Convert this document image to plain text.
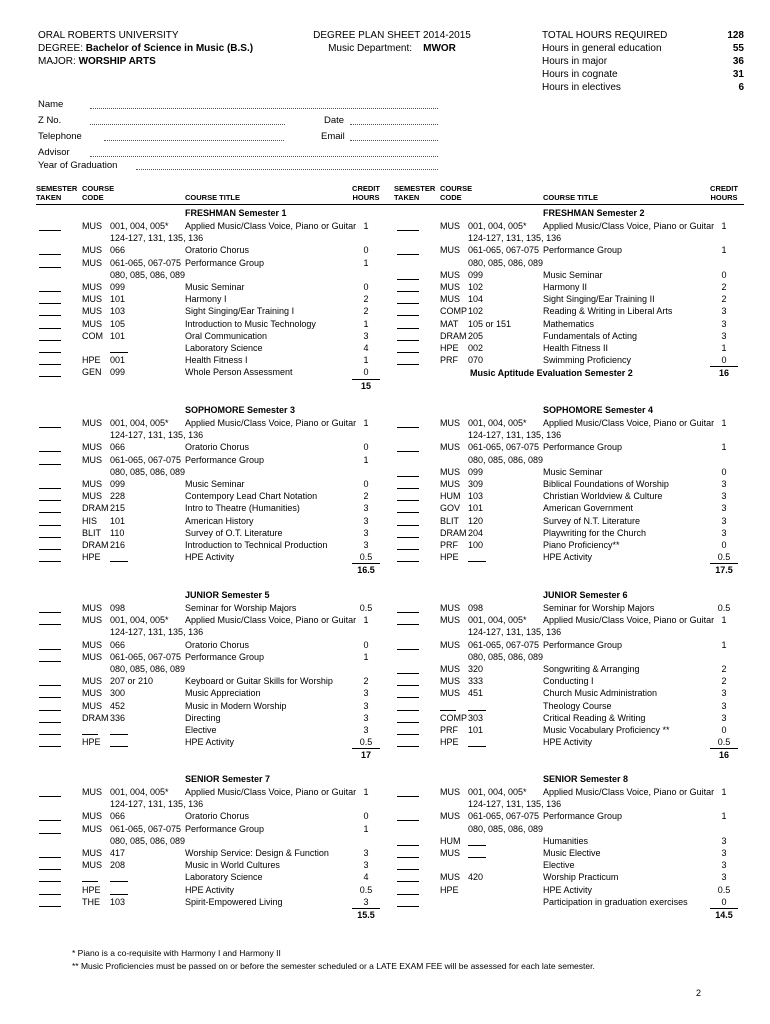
ORAL ROBERTS UNIVERSITY
DEGREE: Bachelor of Science in Music (B.S.)
MAJOR: WORSHIP ARTS
DEGREE PLAN SHEET 2014-2015
Music Department: MWOR
TOTAL HOURS REQUIRED	128
Hours in general education	55
Hours in major	36
Hours in cognate	31
Hours in electives	6
Name
Z No.	Date
Telephone	Email
Advisor
Year of Graduation
SEMESTER
TAKEN
COURSE
CODE	COURSE TITLE
CREDIT
HOURS
SEMESTER
TAKEN
COURSE
CODE	COURSE TITLE
CREDIT
HOURS
FRESHMAN Semester 1
MUS 001, 004, 005* Applied Music/Class Voice, Piano or Guitar 1
124-127, 131, 135, 136
MUS 066	Oratorio Chorus	0
MUS 061-065, 067-075 Performance Group	1
080, 085, 086, 089
MUS 099	Music Seminar	0
MUS 101	Harmony I	2
MUS 103	Sight Singing/Ear Training I	2
MUS 105	Introduction to Music Technology	1
COM 101	Oral Communication	3
Laboratory Science	4
HPE 001	Health Fitness I	1
GEN 099	Whole Person Assessment	0
15
FRESHMAN Semester 2
MUS 001, 004, 005* Applied Music/Class Voice, Piano or Guitar 1
124-127, 131, 135, 136
MUS 061-065, 067-075 Performance Group	1
080, 085, 086, 089
MUS 099	Music Seminar	0
MUS 102	Harmony II	2
MUS 104	Sight Singing/Ear Training II	2
COMP 102	Reading & Writing in Liberal Arts	3
MAT 105 or 151	Mathematics	3
DRAM 205	Fundamentals of Acting	3
HPE 002	Health Fitness II	1
PRF 070	Swimming Proficiency	0
16
Music Aptitude Evaluation Semester 2
SOPHOMORE Semester 3
MUS 001, 004, 005* Applied Music/Class Voice, Piano or Guitar 1
124-127, 131, 135, 136
MUS 066	Oratorio Chorus	0
MUS 061-065, 067-075 Performance Group	1
080, 085, 086, 089
MUS 099	Music Seminar	0
MUS 228	Contempory Lead Chart Notation	2
DRAM 215	Intro to Theatre (Humanities)	3
HIS 101	American History	3
BLIT 110	Survey of O.T. Literature	3
DRAM 216	Introduction to Technical Production	3
HPE	HPE Activity	0.5
16.5
SOPHOMORE Semester 4
MUS 001, 004, 005* Applied Music/Class Voice, Piano or Guitar 1
124-127, 131, 135, 136
MUS 061-065, 067-075 Performance Group	1
080, 085, 086, 089
MUS 099	Music Seminar	0
MUS 309	Biblical Foundations of Worship	3
HUM 103	Christian Worldview & Culture	3
GOV 101	American Government	3
BLIT 120	Survey of N.T. Literature	3
DRAM 204	Playwriting for the Church	3
PRF 100	Piano Proficiency**	0
HPE	HPE Activity	0.5
17.5
JUNIOR Semester 5
MUS 098	Seminar for Worship Majors	0.5
MUS 001, 004, 005* Applied Music/Class Voice, Piano or Guitar 1
124-127, 131, 135, 136
MUS 066	Oratorio Chorus	0
MUS 061-065, 067-075 Performance Group	1
080, 085, 086, 089
MUS 207 or 210	Keyboard or Guitar Skills for Worship	2
MUS 300	Music Appreciation	3
MUS 452	Music in Modern Worship	3
DRAM 336	Directing	3
Elective	3
HPE	HPE Activity	0.5
17
JUNIOR Semester 6
MUS 098	Seminar for Worship Majors	0.5
MUS 001, 004, 005* Applied Music/Class Voice, Piano or Guitar 1
124-127, 131, 135, 136
MUS 061-065, 067-075 Performance Group	1
080, 085, 086, 089
MUS 320	Songwriting & Arranging	2
MUS 333	Conducting I	2
MUS 451	Church Music Administration	3
Theology Course	3
COMP 303	Critical Reading & Writing	3
PRF 101	Music Vocabulary Proficiency **	0
HPE	HPE Activity	0.5
16
SENIOR Semester 7
MUS 001, 004, 005* Applied Music/Class Voice, Piano or Guitar 1
124-127, 131, 135, 136
MUS 066	Oratorio Chorus	0
MUS 061-065, 067-075 Performance Group	1
080, 085, 086, 089
MUS 417	Worship Service: Design & Function	3
MUS 208	Music in World Cultures	3
Laboratory Science	4
HPE	HPE Activity	0.5
THE 103	Spirit-Empowered Living	3
15.5
SENIOR Semester 8
MUS 001, 004, 005* Applied Music/Class Voice, Piano or Guitar 1
124-127, 131, 135, 136
MUS 061-065, 067-075 Performance Group	1
080, 085, 086, 089
HUM	Humanities	3
MUS	Music Elective	3
Elective	3
MUS 420	Worship Practicum	3
HPE	HPE Activity	0.5
Participation in graduation exercises	0
14.5
* Piano is a co-requisite with Harmony I and Harmony II
** Music Proficiencies must be passed on or before the semester scheduled or a LATE EXAM FEE will be assessed for each late semester.
2
